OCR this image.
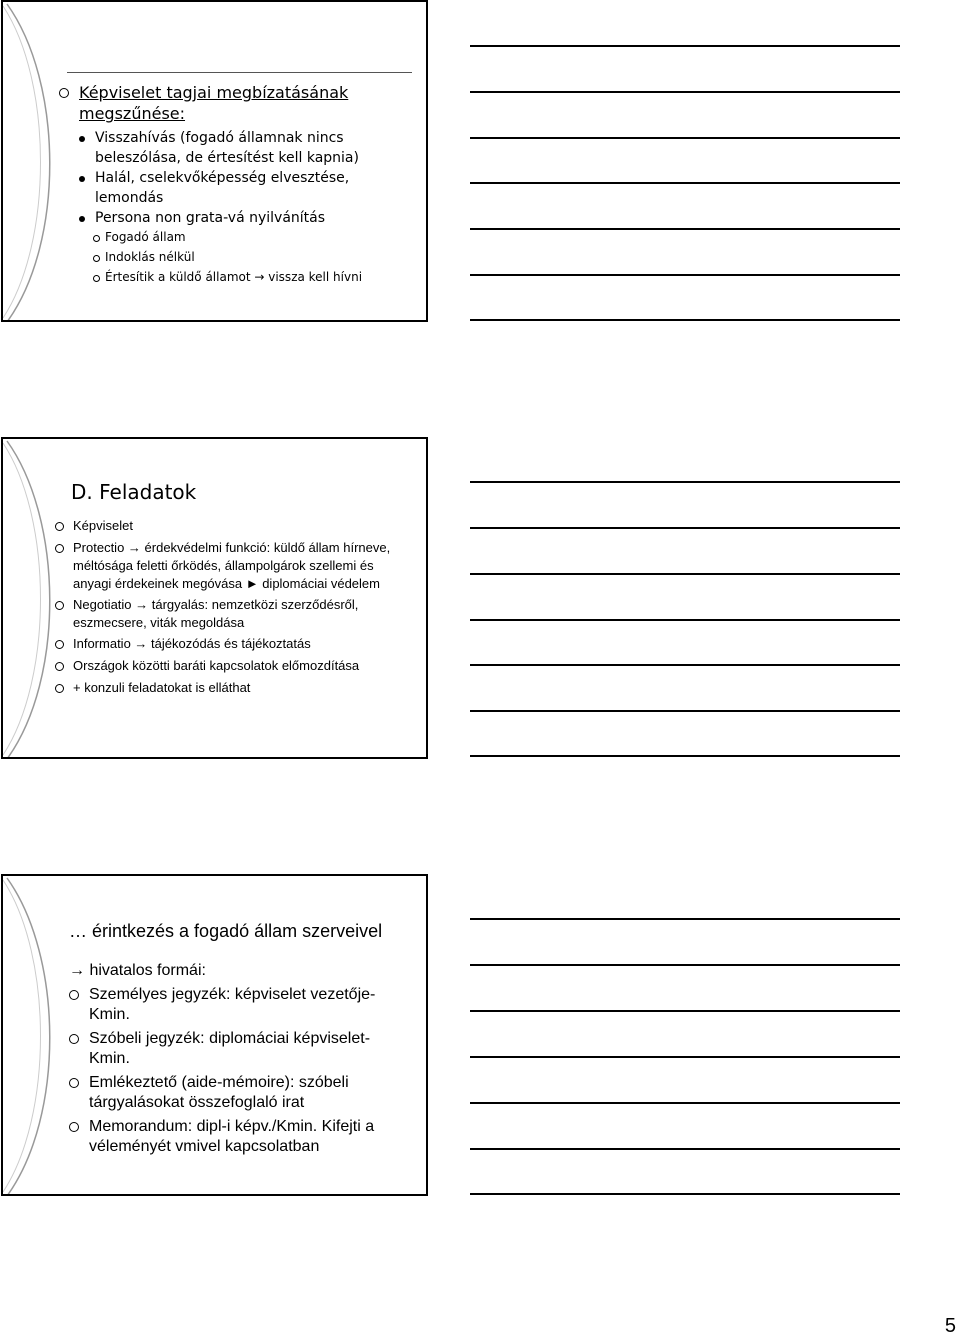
Képviselet tagjai megbízatásának megszűnése:
Visszahívás (fogadó államnak nincs beleszólása, de értesítést kell kapnia)
Halál, cselekvőképesség elvesztése, lemondás
Persona non grata-vá nyilvánítás
Fogadó állam
Indoklás nélkül
Értesítik a küldő államot → vissza kell hívni
D. Feladatok
Képviselet
Protectio → érdekvédelmi funkció: küldő állam hírneve, méltósága feletti őrködés, állampolgárok szellemi és anyagi érdekeinek megóvása ► diplomáciai védelem
Negotiatio → tárgyalás: nemzetközi szerződésről, eszmecsere, viták megoldása
Informatio → tájékozódás és tájékoztatás
Országok közötti baráti kapcsolatok előmozdítása
+ konzuli feladatokat is elláthat
… érintkezés a fogadó állam szerveivel
→ hivatalos formái:
Személyes jegyzék: képviselet vezetője-Kmin.
Szóbeli jegyzék: diplomáciai képviselet-Kmin.
Emlékeztető (aide-mémoire): szóbeli tárgyalásokat összefoglaló irat
Memorandum: dipl-i képv./Kmin. Kifejti a véleményét vmivel kapcsolatban
5
